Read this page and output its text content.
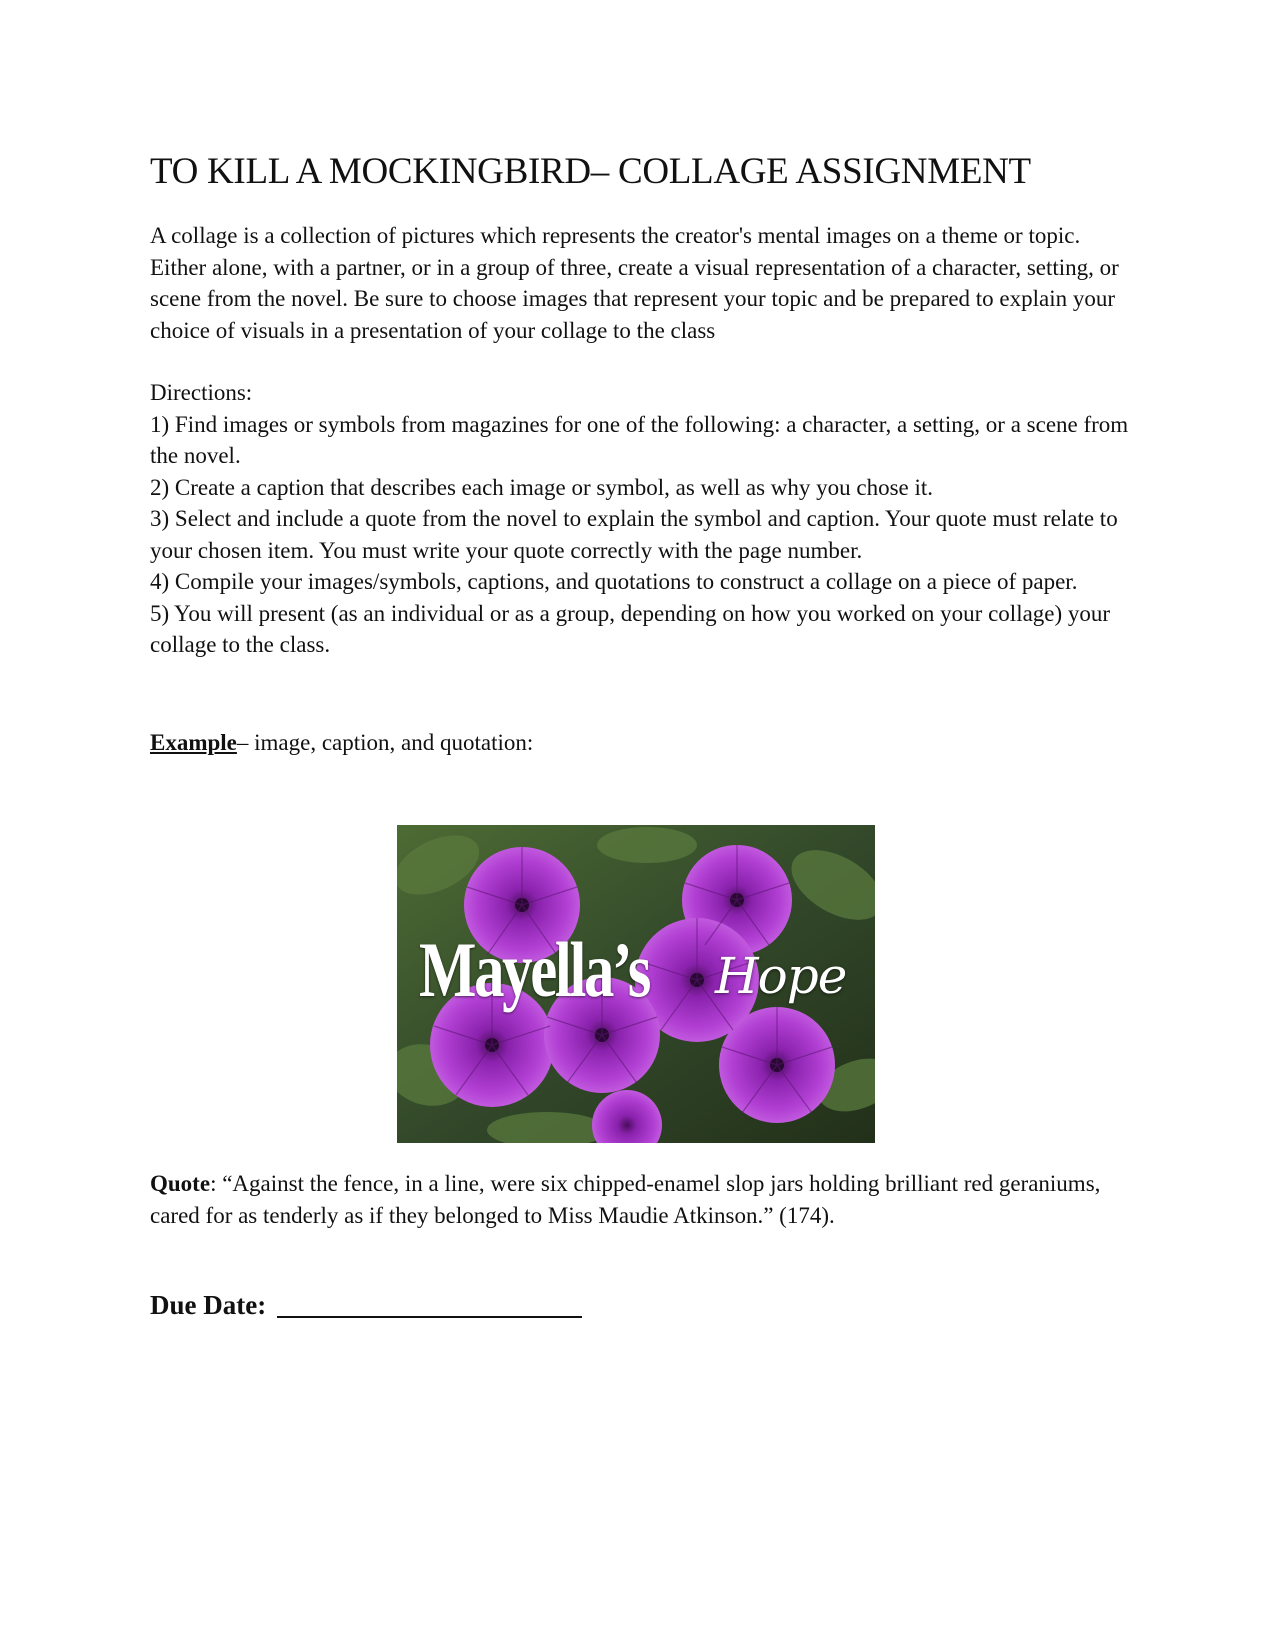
TO KILL A MOCKINGBIRD– COLLAGE ASSIGNMENT

A collage is a collection of pictures which represents the creator's mental images on a theme or topic. Either alone, with a partner, or in a group of three, create a visual representation of a character, setting, or scene from the novel. Be sure to choose images that represent your topic and be prepared to explain your choice of visuals in a presentation of your collage to the class

Directions:

1) Find images or symbols from magazines for one of the following: a character, a setting, or a scene from the novel.

2) Create a caption that describes each image or symbol, as well as why you chose it.

3) Select and include a quote from the novel to explain the symbol and caption. Your quote must relate to your chosen item. You must write your quote correctly with the page number.

4) Compile your images/symbols, captions, and quotations to construct a collage on a piece of paper.

5) You will present (as an individual or as a group, depending on how you worked on your collage) your collage to the class.

Example– image, caption, and quotation:
Mayella’s Hope
Quote: “Against the fence, in a line, were six chipped-enamel slop jars holding brilliant red geraniums, cared for as tenderly as if they belonged to Miss Maudie Atkinson.” (174).
Due Date:
